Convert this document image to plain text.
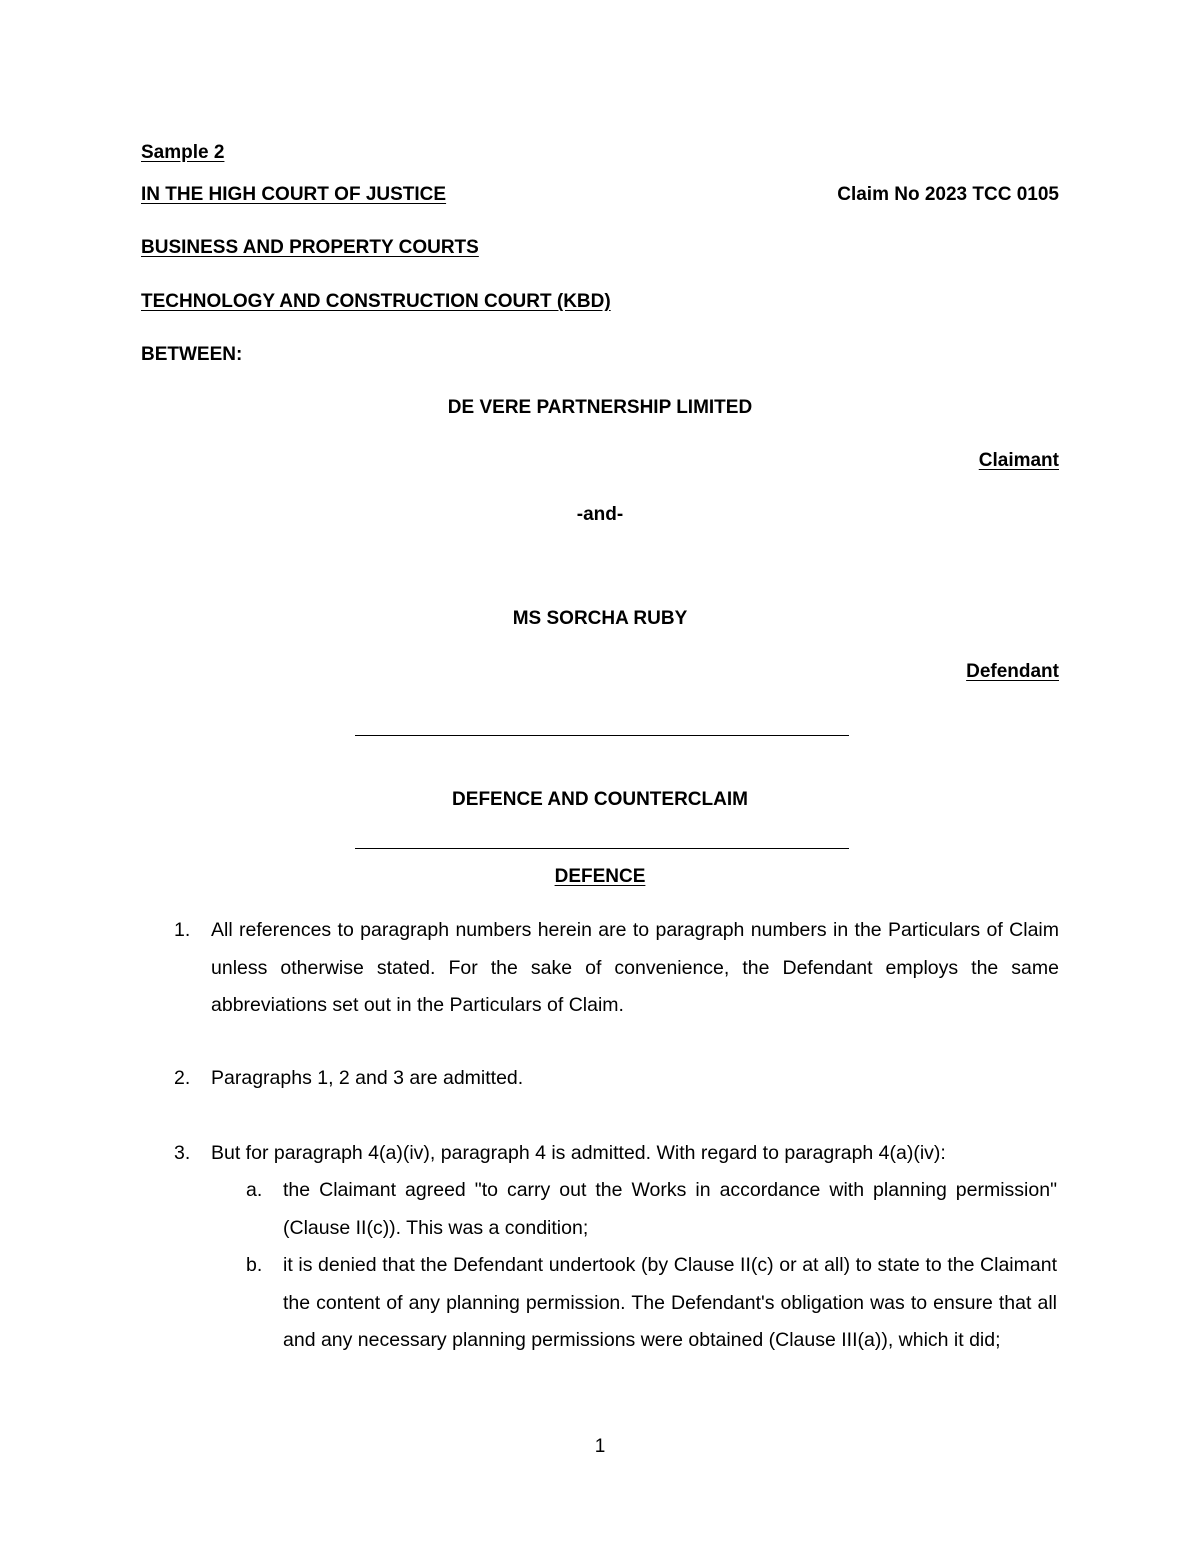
Sample 2
IN THE HIGH COURT OF JUSTICE	Claim No 2023 TCC 0105
BUSINESS AND PROPERTY COURTS
TECHNOLOGY AND CONSTRUCTION COURT (KBD)
BETWEEN:
DE VERE PARTNERSHIP LIMITED
Claimant
-and-
MS SORCHA RUBY
Defendant
DEFENCE AND COUNTERCLAIM
DEFENCE
1. All references to paragraph numbers herein are to paragraph numbers in the Particulars of Claim unless otherwise stated. For the sake of convenience, the Defendant employs the same abbreviations set out in the Particulars of Claim.
2. Paragraphs 1, 2 and 3 are admitted.
3. But for paragraph 4(a)(iv), paragraph 4 is admitted. With regard to paragraph 4(a)(iv):
a. the Claimant agreed "to carry out the Works in accordance with planning permission" (Clause II(c)). This was a condition;
b. it is denied that the Defendant undertook (by Clause II(c) or at all) to state to the Claimant the content of any planning permission. The Defendant's obligation was to ensure that all and any necessary planning permissions were obtained (Clause III(a)), which it did;
1
